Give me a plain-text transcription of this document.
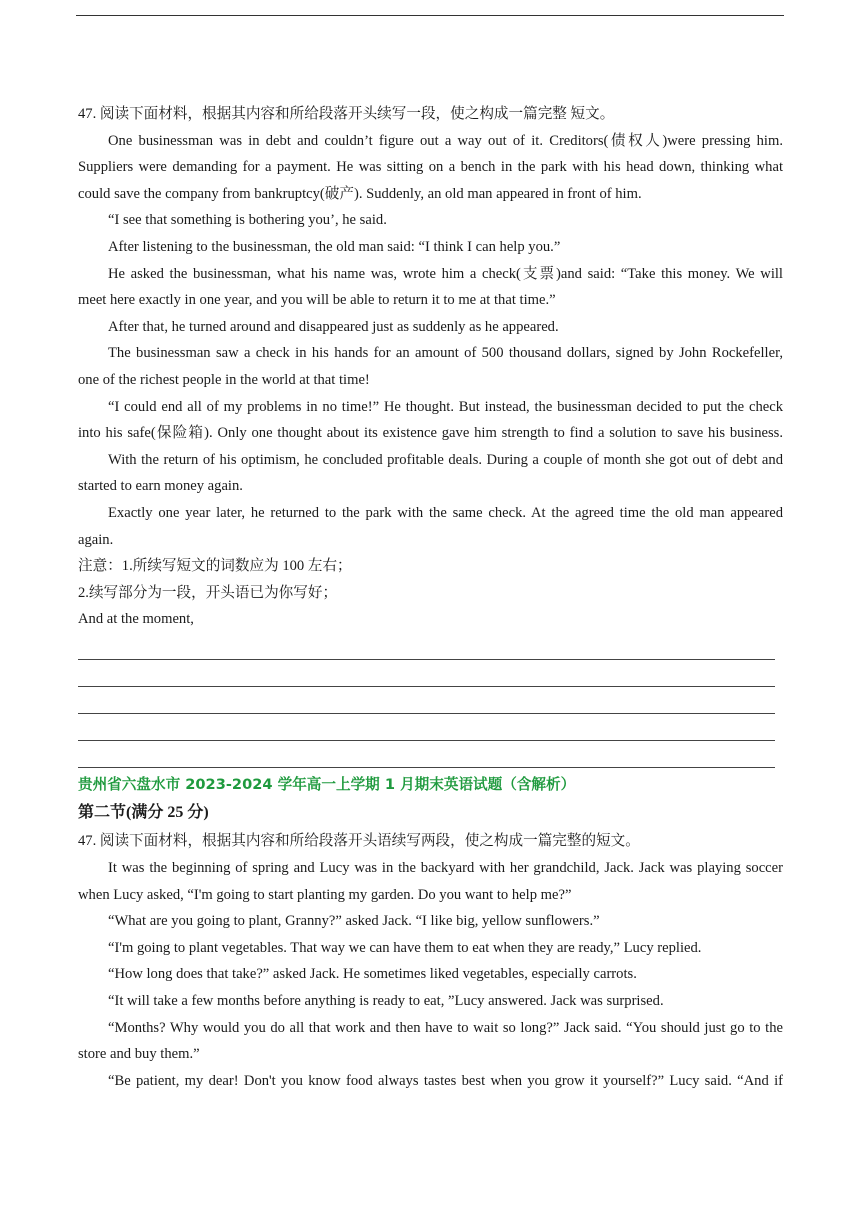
47. 阅读下面材料，根据其内容和所给段落开头续写一段，使之构成一篇完整 短文。
One businessman was in debt and couldn’t figure out a way out of it. Creditors(债权人)were pressing him.
Suppliers were demanding for a payment. He was sitting on a bench in the park with his head down, thinking what
could save the company from bankruptcy(破产). Suddenly, an old man appeared in front of him.
“I see that something is bothering you’, he said.
After listening to the businessman, the old man said: “I think I can help you.”
He asked the businessman, what his name was, wrote him a check(支票)and said: “Take this money. We will
meet here exactly in one year, and you will be able to return it to me at that time.”
After that, he turned around and disappeared just as suddenly as he appeared.
The businessman saw a check in his hands for an amount of 500 thousand dollars, signed by John Rockefeller,
one of the richest people in the world at that time!
“I could end all of my problems in no time!” He thought. But instead, the businessman decided to put the check
into his safe(保险箱). Only one thought about its existence gave him strength to find a solution to save his business.
With the return of his optimism, he concluded profitable deals. During a couple of month she got out of debt and
started to earn money again.
Exactly one year later, he returned to the park with the same check. At the agreed time the old man appeared
again.
注意：1.所续写短文的词数应为 100 左右；
2.续写部分为一段，开头语已为你写好；
And at the moment,
贵州省六盘水市 2023-2024 学年高一上学期 1 月期末英语试题（含解析）
第二节(满分 25 分)
47. 阅读下面材料，根据其内容和所给段落开头语续写两段，使之构成一篇完整的短文。
It was the beginning of spring and Lucy was in the backyard with her grandchild, Jack. Jack was playing soccer
when Lucy asked, “I'm going to start planting my garden. Do you want to help me?”
“What are you going to plant, Granny?” asked Jack. “I like big, yellow sunflowers.”
“I'm going to plant vegetables. That way we can have them to eat when they are ready,” Lucy replied.
“How long does that take?” asked Jack. He sometimes liked vegetables, especially carrots.
“It will take a few months before anything is ready to eat, ”Lucy answered. Jack was surprised.
“Months? Why would you do all that work and then have to wait so long?” Jack said. “You should just go to the
store and buy them.”
“Be patient, my dear! Don't you know food always tastes best when you grow it yourself?” Lucy said. “And if
